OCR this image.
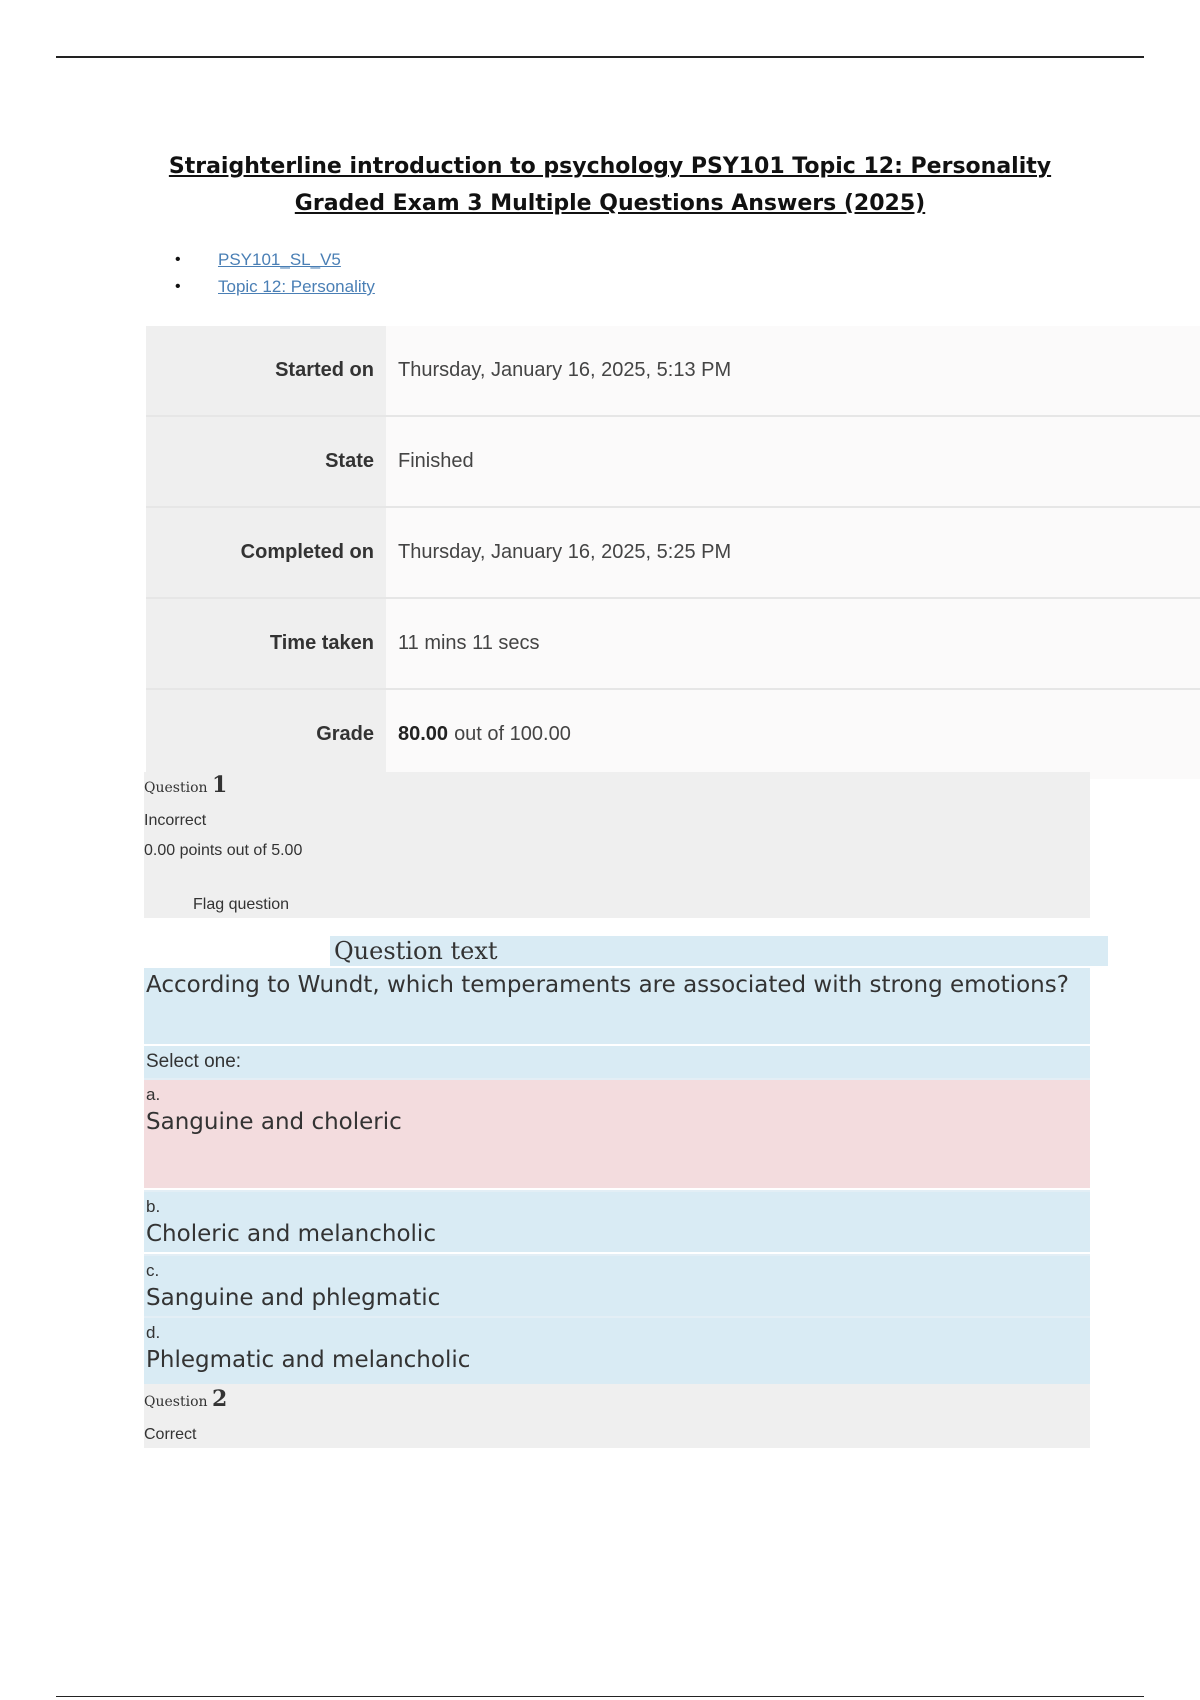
Straighterline introduction to psychology PSY101 Topic 12: Personality Graded Exam 3 Multiple Questions Answers (2025)
• PSY101_SL_V5
• Topic 12: Personality
Started on	Thursday, January 16, 2025, 5:13 PM
State	Finished
Completed on	Thursday, January 16, 2025, 5:25 PM
Time taken	11 mins 11 secs
Grade	80.00 out of 100.00
Question 1
Incorrect
0.00 points out of 5.00
Flag question
Question text
According to Wundt, which temperaments are associated with strong emotions?
Select one:
a.
Sanguine and choleric
b.
Choleric and melancholic
c.
Sanguine and phlegmatic
d.
Phlegmatic and melancholic
Question 2
Correct
